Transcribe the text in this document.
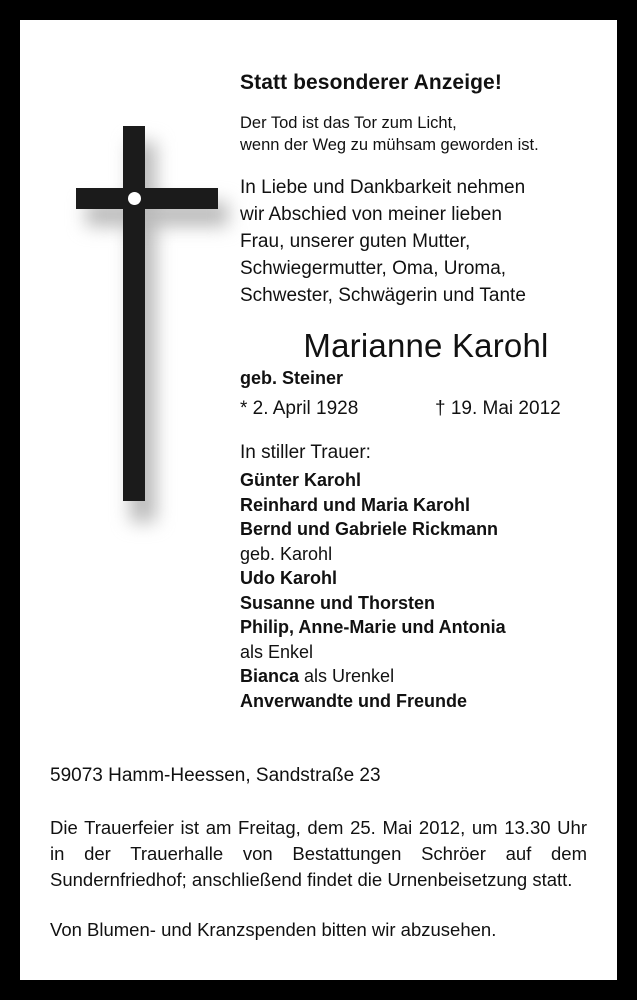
Statt besonderer Anzeige!
Der Tod ist das Tor zum Licht,
wenn der Weg zu mühsam geworden ist.
In Liebe und Dankbarkeit nehmen
wir Abschied von meiner lieben
Frau, unserer guten Mutter,
Schwiegermutter, Oma, Uroma,
Schwester, Schwägerin und Tante
Marianne Karohl
geb. Steiner
* 2. April 1928	† 19. Mai 2012
In stiller Trauer:
Günter Karohl
Reinhard und Maria Karohl
Bernd und Gabriele Rickmann
geb. Karohl
Udo Karohl
Susanne und Thorsten
Philip, Anne-Marie und Antonia
als Enkel
Bianca als Urenkel
Anverwandte und Freunde
59073 Hamm-Heessen, Sandstraße 23
Die Trauerfeier ist am Freitag, dem 25. Mai 2012, um 13.30 Uhr in der Trauerhalle von Bestattungen Schröer auf dem Sundernfriedhof; anschließend findet die Urnenbeisetzung statt.
Von Blumen- und Kranzspenden bitten wir abzusehen.
